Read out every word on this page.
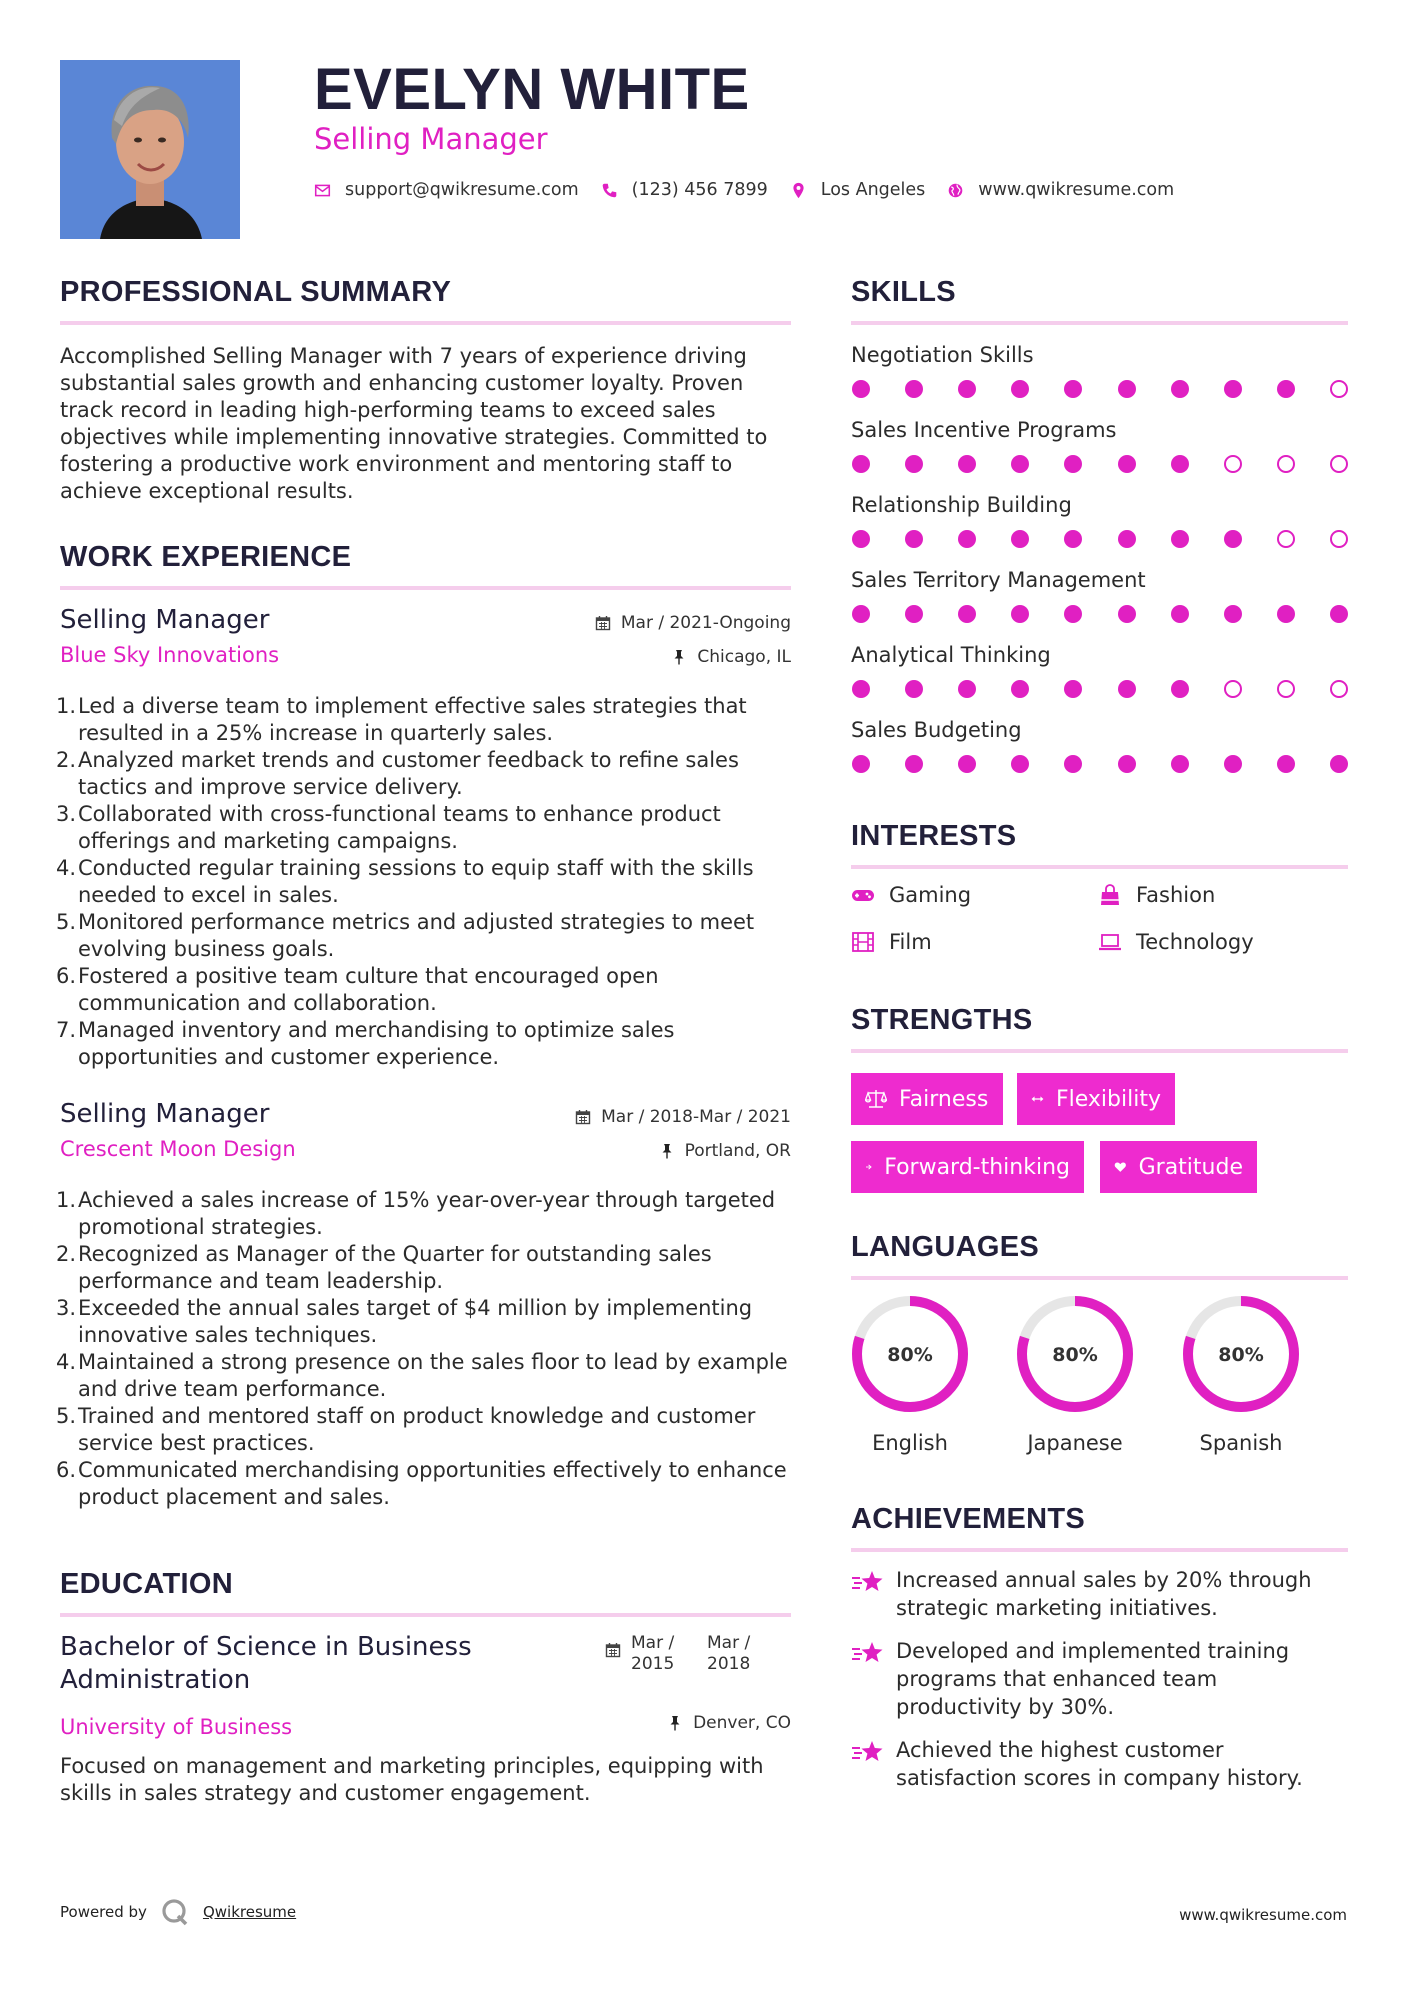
EVELYN WHITE
Selling Manager
support@qwikresume.com	(123) 456 7899	Los Angeles	www.qwikresume.com
PROFESSIONAL SUMMARY

Accomplished Selling Manager with 7 years of experience driving substantial sales growth and enhancing customer loyalty. Proven track record in leading high-performing teams to exceed sales objectives while implementing innovative strategies. Committed to fostering a productive work environment and mentoring staff to achieve exceptional results.

WORK EXPERIENCE
Selling Manager
Blue Sky Innovations
Mar / 2021-Ongoing
Chicago, IL
1. Led a diverse team to implement effective sales strategies that resulted in a 25% increase in quarterly sales.
2. Analyzed market trends and customer feedback to refine sales tactics and improve service delivery.
3. Collaborated with cross-functional teams to enhance product offerings and marketing campaigns.
4. Conducted regular training sessions to equip staff with the skills needed to excel in sales.
5. Monitored performance metrics and adjusted strategies to meet evolving business goals.
6. Fostered a positive team culture that encouraged open communication and collaboration.
7. Managed inventory and merchandising to optimize sales opportunities and customer experience.
Selling Manager
Crescent Moon Design
Mar / 2018-Mar / 2021
Portland, OR
1. Achieved a sales increase of 15% year-over-year through targeted promotional strategies.
2. Recognized as Manager of the Quarter for outstanding sales performance and team leadership.
3. Exceeded the annual sales target of $4 million by implementing innovative sales techniques.
4. Maintained a strong presence on the sales floor to lead by example and drive team performance.
5. Trained and mentored staff on product knowledge and customer service best practices.
6. Communicated merchandising opportunities effectively to enhance product placement and sales.
EDUCATION
Bachelor of Science in Business Administration
Mar / 2015
Mar / 2018
University of Business	Denver, CO

Focused on management and marketing principles, equipping with skills in sales strategy and customer engagement.

SKILLS
Negotiation Skills
Sales Incentive Programs
Relationship Building
Sales Territory Management
Analytical Thinking
Sales Budgeting
INTERESTS
Gaming	Fashion
Film	Technology
STRENGTHS
Fairness	Flexibility
Forward-thinking	Gratitude
LANGUAGES
80%
English
80%
Japanese
80%
Spanish
ACHIEVEMENTS
Increased annual sales by 20% through strategic marketing initiatives.
Developed and implemented training programs that enhanced team productivity by 30%.
Achieved the highest customer satisfaction scores in company history.
Powered by	Qwikresume	www.qwikresume.com
